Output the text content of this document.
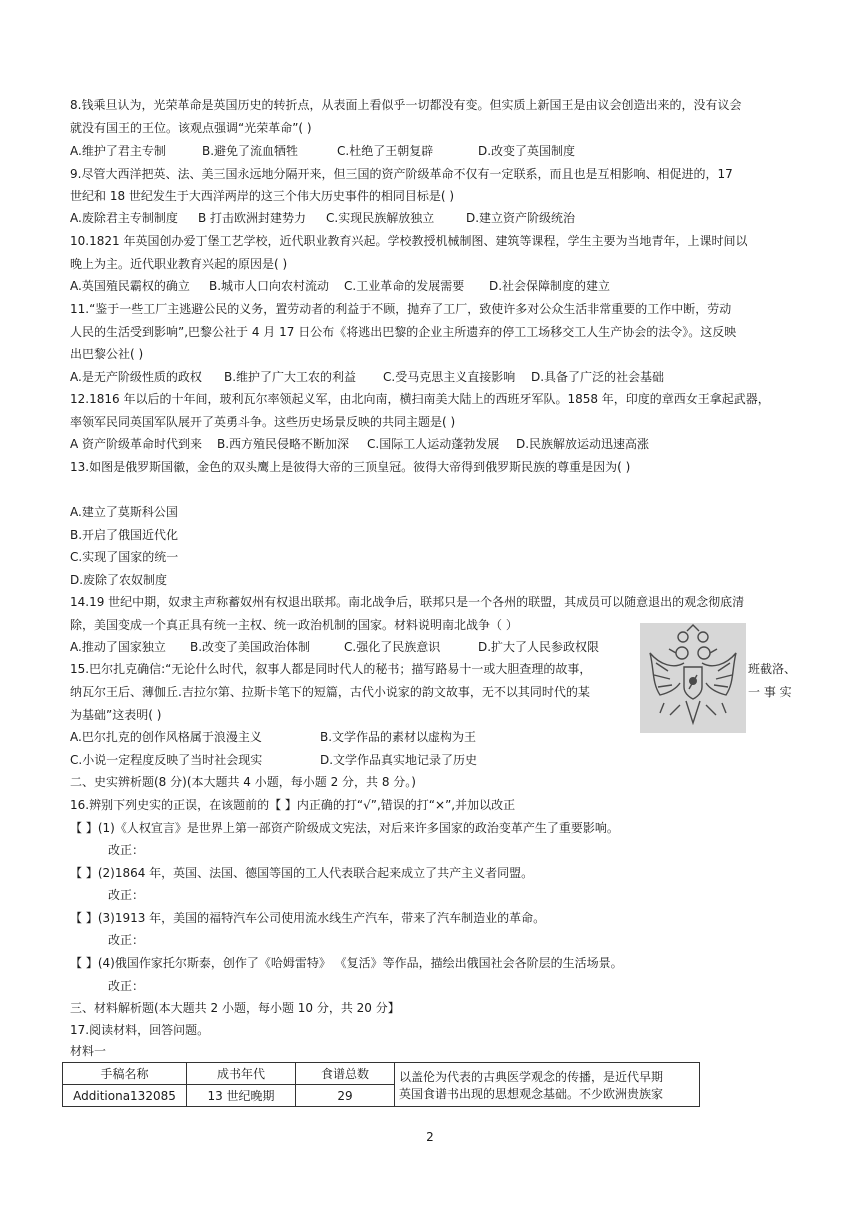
8.钱乘旦认为，光荣革命是英国历史的转折点，从表面上看似乎一切都没有变。但实质上新国王是由议会创造出来的，没有议会
就没有国王的王位。该观点强调“光荣革命”( )
A.维护了君主专制	B.避免了流血牺牲	C.杜绝了王朝复辟	D.改变了英国制度
9.尽管大西洋把英、法、美三国永远地分隔开来，但三国的资产阶级革命不仅有一定联系，而且也是互相影响、相促进的，17
世纪和 18 世纪发生于大西洋两岸的这三个伟大历史事件的相同目标是( )
A.废除君主专制制度 B 打击欧洲封建势力 C.实现民族解放独立	D.建立资产阶级统治
10.1821 年英国创办爱丁堡工艺学校，近代职业教育兴起。学校教授机械制图、建筑等课程，学生主要为当地青年，上课时间以
晚上为主。近代职业教育兴起的原因是( )
A.英国殖民霸权的确立 B.城市人口向农村流动 C.工业革命的发展需要 D.社会保障制度的建立
11.“鉴于一些工厂主逃避公民的义务，置劳动者的利益于不顾，抛弃了工厂，致使许多对公众生活非常重要的工作中断，劳动
人民的生活受到影响”,巴黎公社于 4 月 17 日公布《将逃出巴黎的企业主所遗弃的停工工场移交工人生产协会的法令》。这反映
出巴黎公社( )
A.是无产阶级性质的政权 B.维护了广大工农的利益 C.受马克思主义直接影响 D.具备了广泛的社会基础
12.1816 年以后的十年间，玻利瓦尔率领起义军，由北向南，横扫南美大陆上的西班牙军队。1858 年，印度的章西女王拿起武器，
率领军民同英国军队展开了英勇斗争。这些历史场景反映的共同主题是( )
A 资产阶级革命时代到来 B.西方殖民侵略不断加深 C.国际工人运动蓬勃发展 D.民族解放运动迅速高涨
13.如图是俄罗斯国徽，金色的双头鹰上是彼得大帝的三顶皇冠。彼得大帝得到俄罗斯民族的尊重是因为( )
A.建立了莫斯科公国
B.开启了俄国近代化
C.实现了国家的统一
D.废除了农奴制度
14.19 世纪中期，奴隶主声称蓄奴州有权退出联邦。南北战争后，联邦只是一个各州的联盟，其成员可以随意退出的观念彻底清
除，美国变成一个真正具有统一主权、统一政治机制的国家。材料说明南北战争（ ）
A.推动了国家独立 B.改变了美国政治体制	C.强化了民族意识	D.扩大了人民参政权限
15.巴尔扎克确信:“无论什么时代，叙事人都是同时代人的秘书；描写路易十一或大胆查理的故事，	班截洛、
纳瓦尔王后、薄伽丘.吉拉尔第、拉斯卡笔下的短篇，古代小说家的韵文故事，无不以其同时代的某	一 事 实
为基础”这表明( )
A.巴尔扎克的创作风格属于浪漫主义	B.文学作品的素材以虚构为王
C.小说一定程度反映了当时社会现实	D.文学作品真实地记录了历史
二、史实辨析题(8 分)(本大题共 4 小题，每小题 2 分，共 8 分。)
16.辨别下列史实的正误，在该题前的【 】内正确的打“√”,错误的打“×”,并加以改正
【 】(1)《人权宣言》是世界上第一部资产阶级成文宪法，对后来许多国家的政治变革产生了重要影响。
改正：
【 】(2)1864 年，英国、法国、德国等国的工人代表联合起来成立了共产主义者同盟。
改正：
【 】(3)1913 年，美国的福特汽车公司使用流水线生产汽车，带来了汽车制造业的革命。
改正：
【 】(4)俄国作家托尔斯泰，创作了《哈姆雷特》 《复活》等作品，描绘出俄国社会各阶层的生活场景。
改正：
三、材料解析题(本大题共 2 小题，每小题 10 分，共 20 分】
17.阅读材料，回答问题。
材料一
手稿名称	成书年代	食谱总数	以盖伦为代表的古典医学观念的传播，是近代早期
英国食谱书出现的思想观念基础。不少欧洲贵族家

Additiona132085	13 世纪晚期	29	
2
